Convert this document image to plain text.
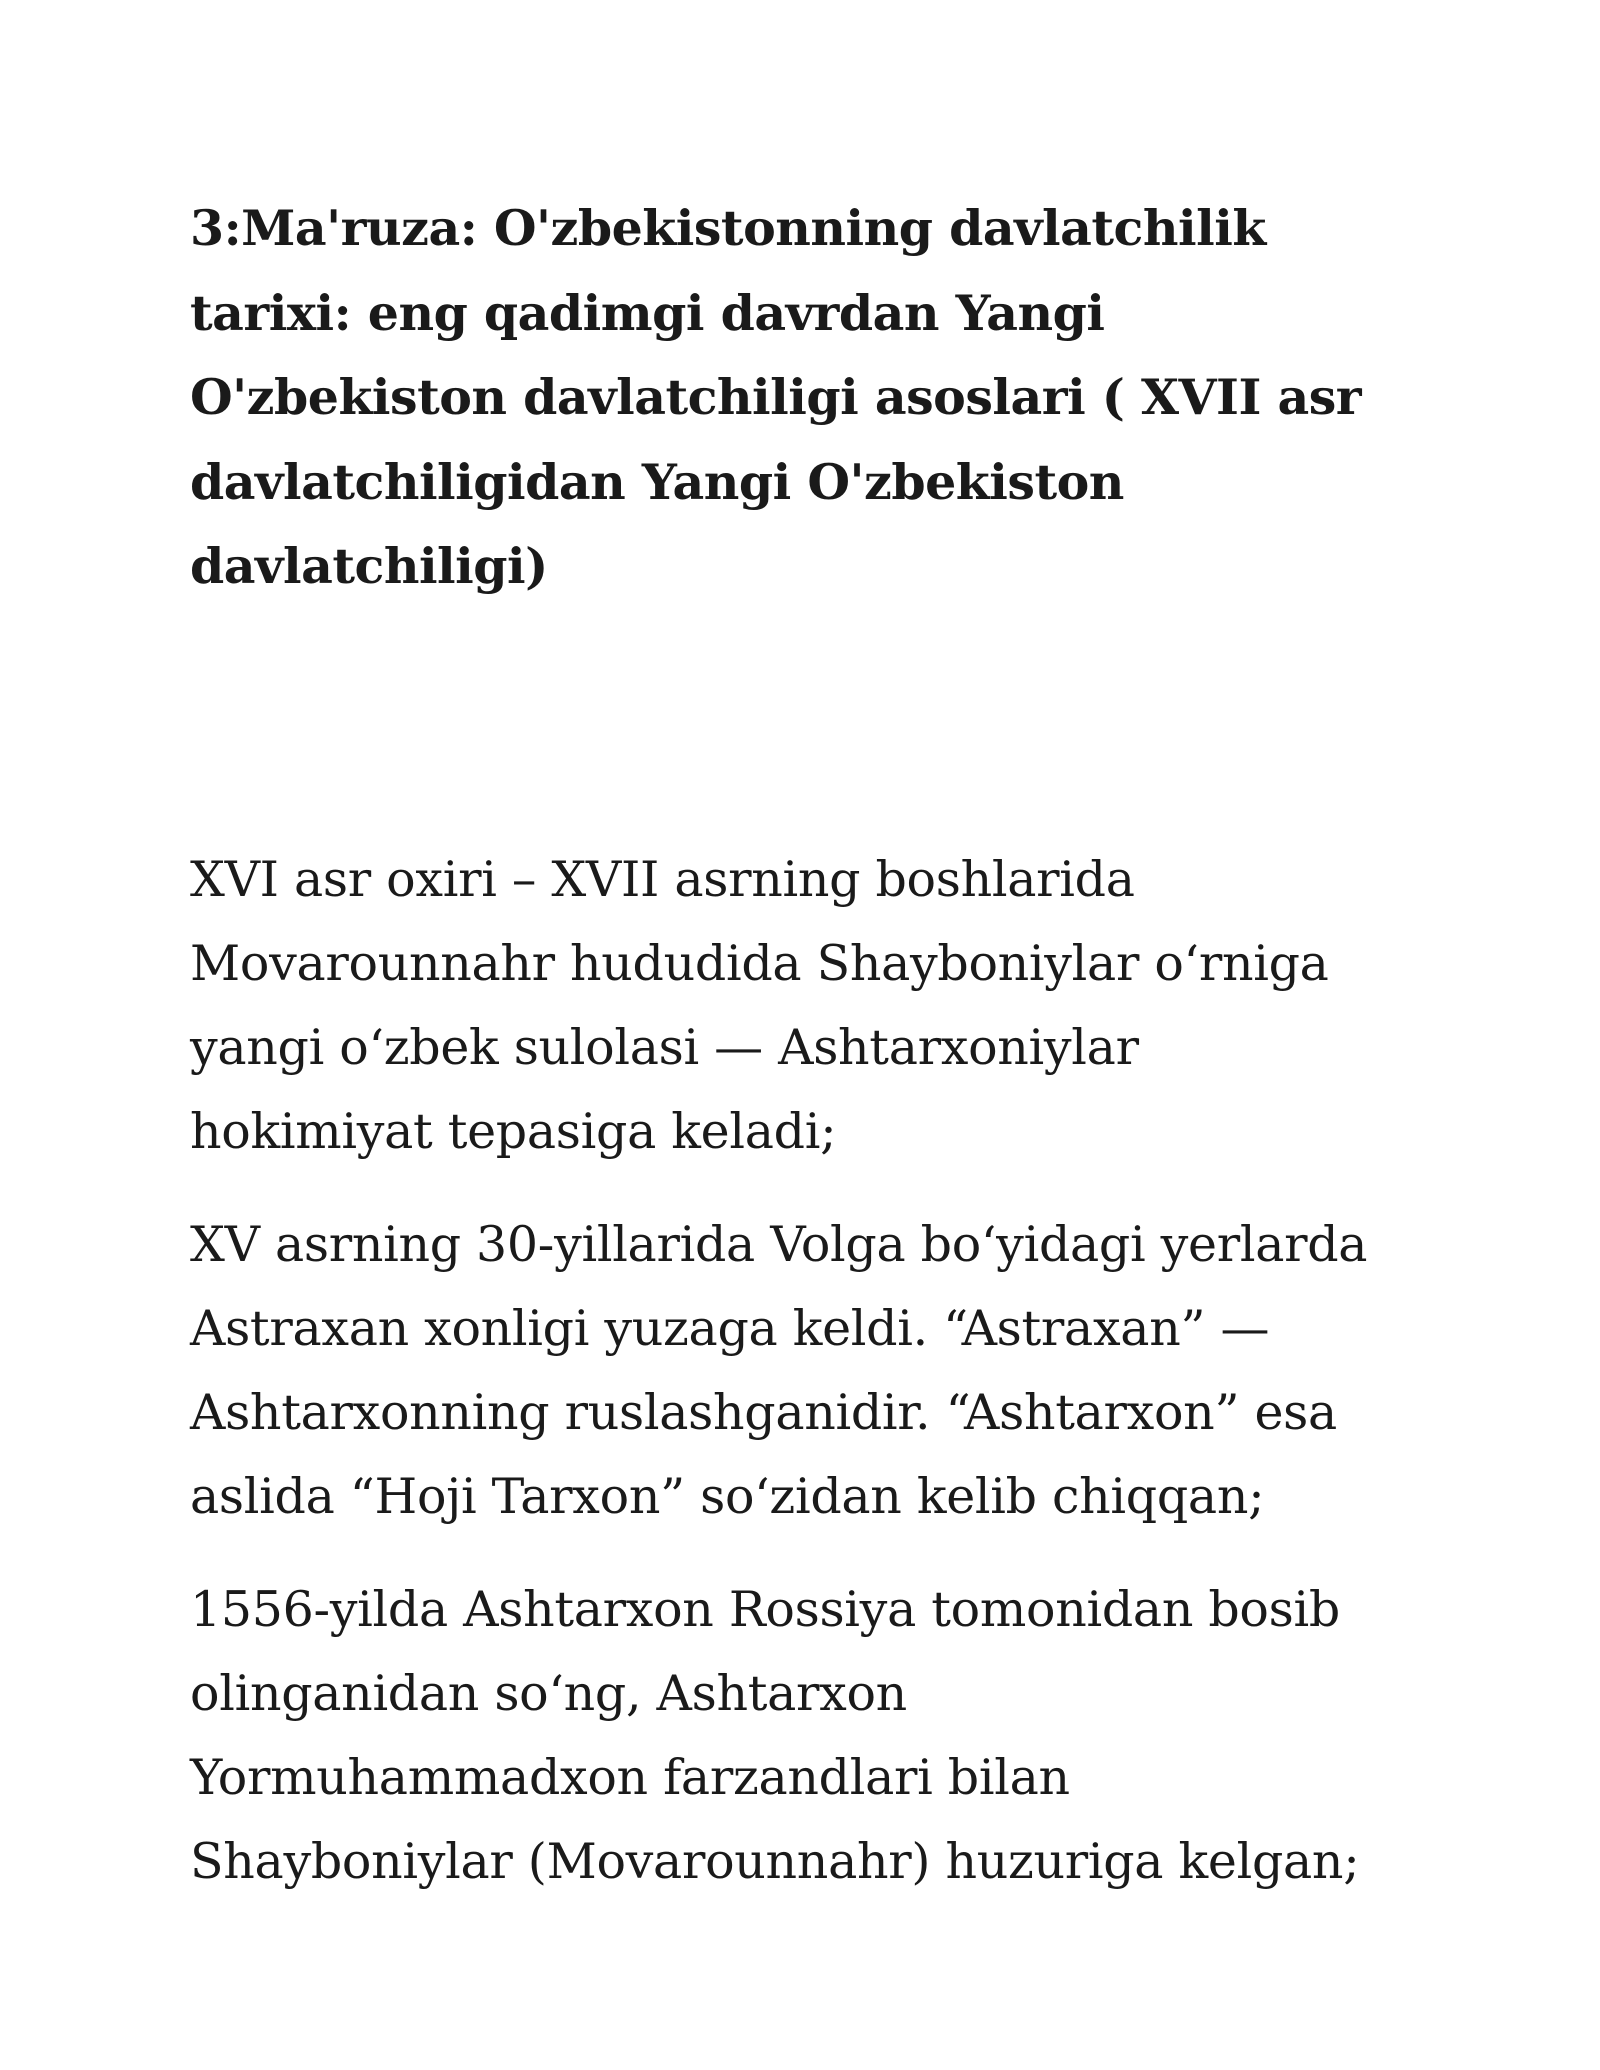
3:Ma'ruza: O'zbekistonning davlatchilik
tarixi: eng qadimgi davrdan Yangi
O'zbekiston davlatchiligi asoslari ( XVII asr
davlatchiligidan Yangi O'zbekiston
davlatchiligi)

XVI asr oxiri – XVII asrning boshlarida
Movarounnahr hududida Shayboniylar o‘rniga
yangi o‘zbek sulolasi — Ashtarxoniylar
hokimiyat tepasiga keladi;

XV asrning 30-yillarida Volga bo‘yidagi yerlarda
Astraxan xonligi yuzaga keldi. “Astraxan” —
Ashtarxonning ruslashganidir. “Ashtarxon” esa
aslida “Hoji Tarxon” so‘zidan kelib chiqqan;

1556-yilda Ashtarxon Rossiya tomonidan bosib
olinganidan so‘ng, Ashtarxon
Yormuhammadxon farzandlari bilan
Shayboniylar (Movarounnahr) huzuriga kelgan;
